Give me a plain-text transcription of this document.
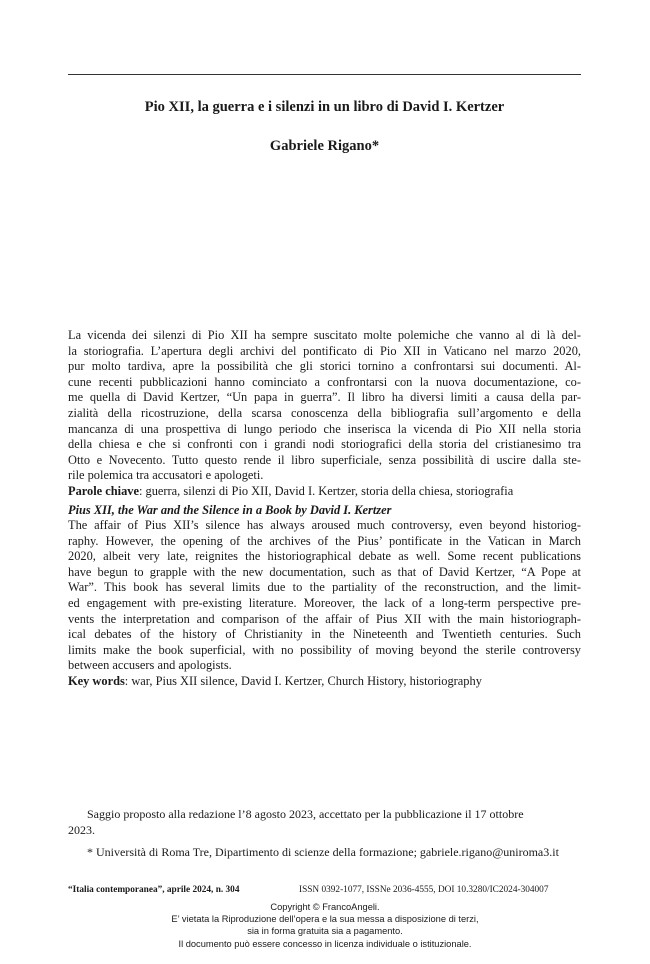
Pio XII, la guerra e i silenzi in un libro di David I. Kertzer
Gabriele Rigano*
La vicenda dei silenzi di Pio XII ha sempre suscitato molte polemiche che vanno al di là del-
la storiografia. L’apertura degli archivi del pontificato di Pio XII in Vaticano nel marzo 2020,
pur molto tardiva, apre la possibilità che gli storici tornino a confrontarsi sui documenti. Al-
cune recenti pubblicazioni hanno cominciato a confrontarsi con la nuova documentazione, co-
me quella di David Kertzer, “Un papa in guerra”. Il libro ha diversi limiti a causa della par-
zialità della ricostruzione, della scarsa conoscenza della bibliografia sull’argomento e della
mancanza di una prospettiva di lungo periodo che inserisca la vicenda di Pio XII nella storia
della chiesa e che si confronti con i grandi nodi storiografici della storia del cristianesimo tra
Otto e Novecento. Tutto questo rende il libro superficiale, senza possibilità di uscire dalla ste-
rile polemica tra accusatori e apologeti.
Parole chiave: guerra, silenzi di Pio XII, David I. Kertzer, storia della chiesa, storiografia
Pius XII, the War and the Silence in a Book by David I. Kertzer
The affair of Pius XII’s silence has always aroused much controversy, even beyond historiog-
raphy. However, the opening of the archives of the Pius’ pontificate in the Vatican in March
2020, albeit very late, reignites the historiographical debate as well. Some recent publications
have begun to grapple with the new documentation, such as that of David Kertzer, “A Pope at
War”. This book has several limits due to the partiality of the reconstruction, and the limit-
ed engagement with pre-existing literature. Moreover, the lack of a long-term perspective pre-
vents the interpretation and comparison of the affair of Pius XII with the main historiograph-
ical debates of the history of Christianity in the Nineteenth and Twentieth centuries. Such
limits make the book superficial, with no possibility of moving beyond the sterile controversy
between accusers and apologists.
Key words: war, Pius XII silence, David I. Kertzer, Church History, historiography
Saggio proposto alla redazione l’8 agosto 2023, accettato per la pubblicazione il 17 ottobre
2023.
* Università di Roma Tre, Dipartimento di scienze della formazione; gabriele.rigano@uniroma3.it
“Italia contemporanea”, aprile 2024, n. 304	ISSN 0392-1077, ISSNe 2036-4555, DOI 10.3280/IC2024-304007
Copyright © FrancoAngeli.
E’ vietata la Riproduzione dell’opera e la sua messa a disposizione di terzi,
sia in forma gratuita sia a pagamento.
Il documento può essere concesso in licenza individuale o istituzionale.
